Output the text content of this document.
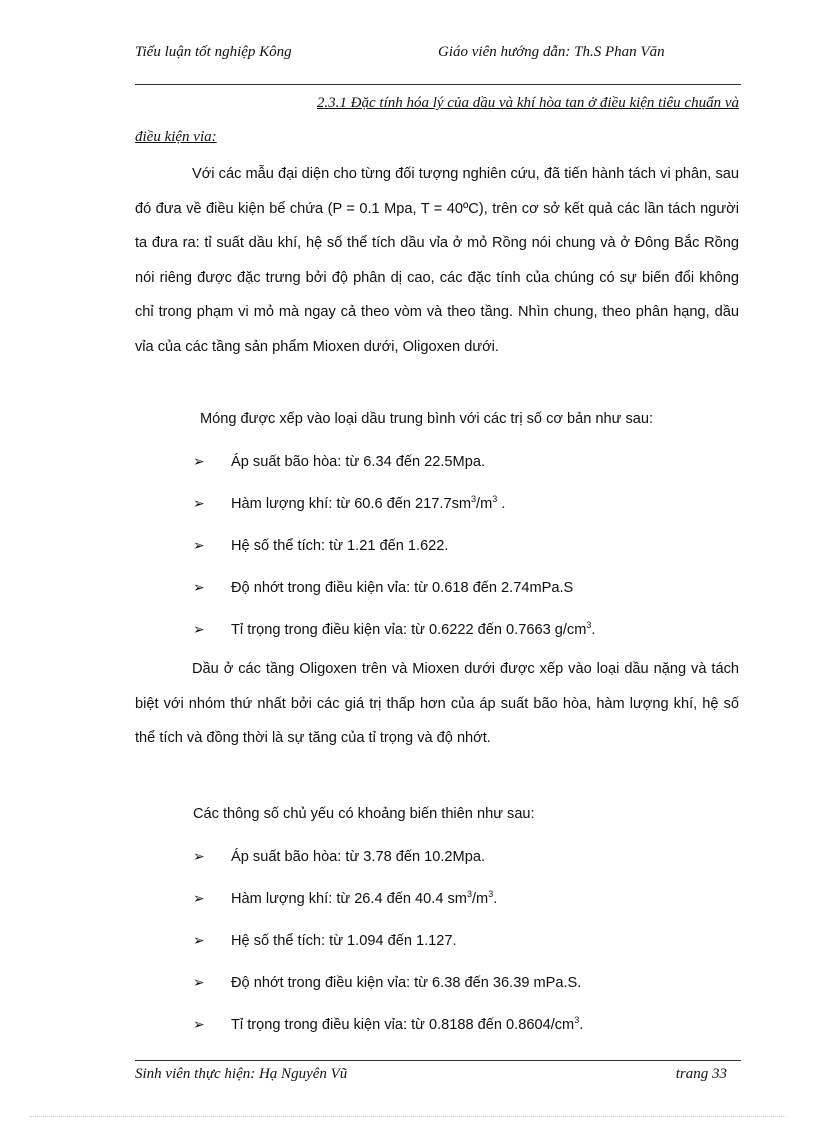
Tiểu luận tốt nghiệp Kông	Giáo viên hướng dẫn: Th.S Phan Văn
2.3.1 Đặc tính hóa lý của dầu và khí hòa tan ở điều kiện tiêu chuẩn và
điều kiện vỉa:
Với các mẫu đại diện cho từng đối tượng nghiên cứu, đã tiến hành tách vi phân, sau đó đưa về điều kiện bể chứa (P = 0.1 Mpa, T = 40ºC), trên cơ sở kết quả các lần tách người ta đưa ra: tỉ suất dầu khí, hệ số thể tích dầu vỉa ở mỏ Rồng nói chung và ở Đông Bắc Rồng nói riêng được đặc trưng bởi độ phân dị cao, các đặc tính của chúng có sự biến đổi không chỉ trong phạm vi mỏ mà ngay cả theo vòm và theo tầng. Nhìn chung, theo phân hạng, dầu vỉa của các tầng sản phẩm Mioxen dưới, Oligoxen dưới.
Móng được xếp vào loại dầu trung bình với các trị số cơ bản như sau:
➢ Áp suất bão hòa: từ 6.34 đến 22.5Mpa.
➢ Hàm lượng khí: từ 60.6 đến $217.7sm^3/m^3$ .
➢ Hệ số thể tích: từ 1.21 đến 1.622.
➢ Độ nhớt trong điều kiện vỉa: từ 0.618 đến 2.74mPa.S
➢ Tỉ trọng trong điều kiện vỉa: từ 0.6222 đến 0.7663 $g/cm^3$.
Dầu ở các tầng Oligoxen trên và Mioxen dưới được xếp vào loại dầu nặng và tách biệt với nhóm thứ nhất bởi các giá trị thấp hơn của áp suất bão hòa, hàm lượng khí, hệ số thể tích và đồng thời là sự tăng của tỉ trọng và độ nhớt.
Các thông số chủ yếu có khoảng biến thiên như sau:
➢ Áp suất bão hòa: từ 3.78 đến 10.2Mpa.
➢ Hàm lượng khí: từ 26.4 đến 40.4 $sm^3/m^3$.
➢ Hệ số thể tích: từ 1.094 đến 1.127.
➢ Độ nhớt trong điều kiện vỉa: từ 6.38 đến 36.39 mPa.S.
➢ Tỉ trọng trong điều kiện vỉa: từ 0.8188 đến $0.8604/cm^3$.
Sinh viên thực hiện: Hạ Nguyên Vũ	trang 33
